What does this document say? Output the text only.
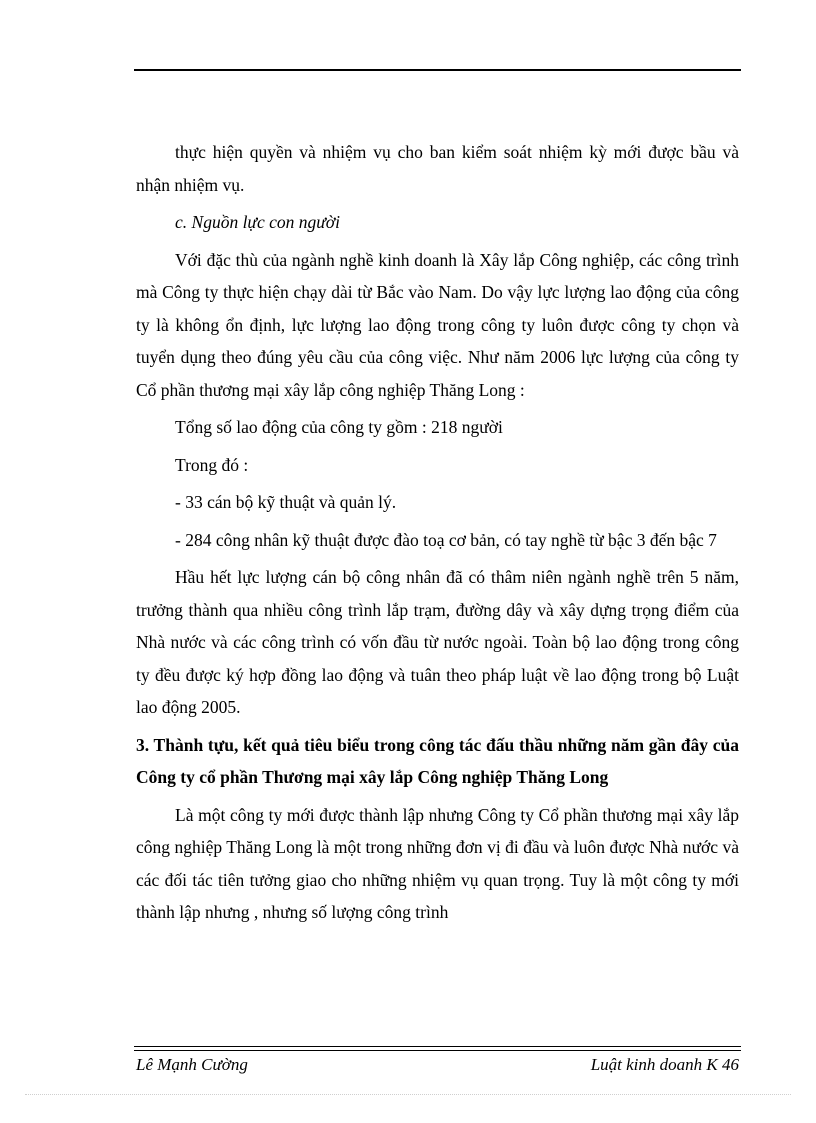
thực hiện quyền và nhiệm vụ cho ban kiểm soát nhiệm kỳ mới được bầu và nhận nhiệm vụ.

c. Nguồn lực con người

Với đặc thù của ngành nghề kinh doanh là Xây lắp Công nghiệp, các công trình mà Công ty thực hiện chạy dài từ Bắc vào Nam. Do vậy lực lượng lao động của công ty là không ổn định, lực lượng lao động trong công ty luôn được công ty chọn và tuyển dụng theo đúng yêu cầu của công việc. Như năm 2006 lực lượng của công ty Cổ phần thương mại xây lắp công nghiệp Thăng Long :

Tổng số lao động của công ty gồm : 218 người

Trong đó :

- 33 cán bộ kỹ thuật và quản lý.

- 284 công nhân kỹ thuật được đào toạ cơ bản, có tay nghề từ bậc 3 đến bậc 7

Hầu hết lực lượng cán bộ công nhân đã có thâm niên ngành nghề trên 5 năm, trưởng thành qua nhiều công trình lắp trạm, đường dây và xây dựng trọng điểm của Nhà nước và các công trình có vốn đầu từ nước ngoài. Toàn bộ lao động trong công ty đều được ký hợp đồng lao động và tuân theo pháp luật về lao động trong bộ Luật lao động 2005.

3. Thành tựu, kết quả tiêu biểu trong công tác đấu thầu những năm gần đây của Công ty cổ phần Thương mại xây lắp Công nghiệp Thăng Long

Là một công ty mới được thành lập nhưng Công ty Cổ phần thương mại xây lắp công nghiệp Thăng Long là một trong những đơn vị đi đầu và luôn được Nhà nước và các đối tác tiên tưởng giao cho những nhiệm vụ quan trọng. Tuy là một công ty mới thành lập nhưng , nhưng số lượng công trình

Lê Mạnh Cường	Luật kinh doanh K 46
